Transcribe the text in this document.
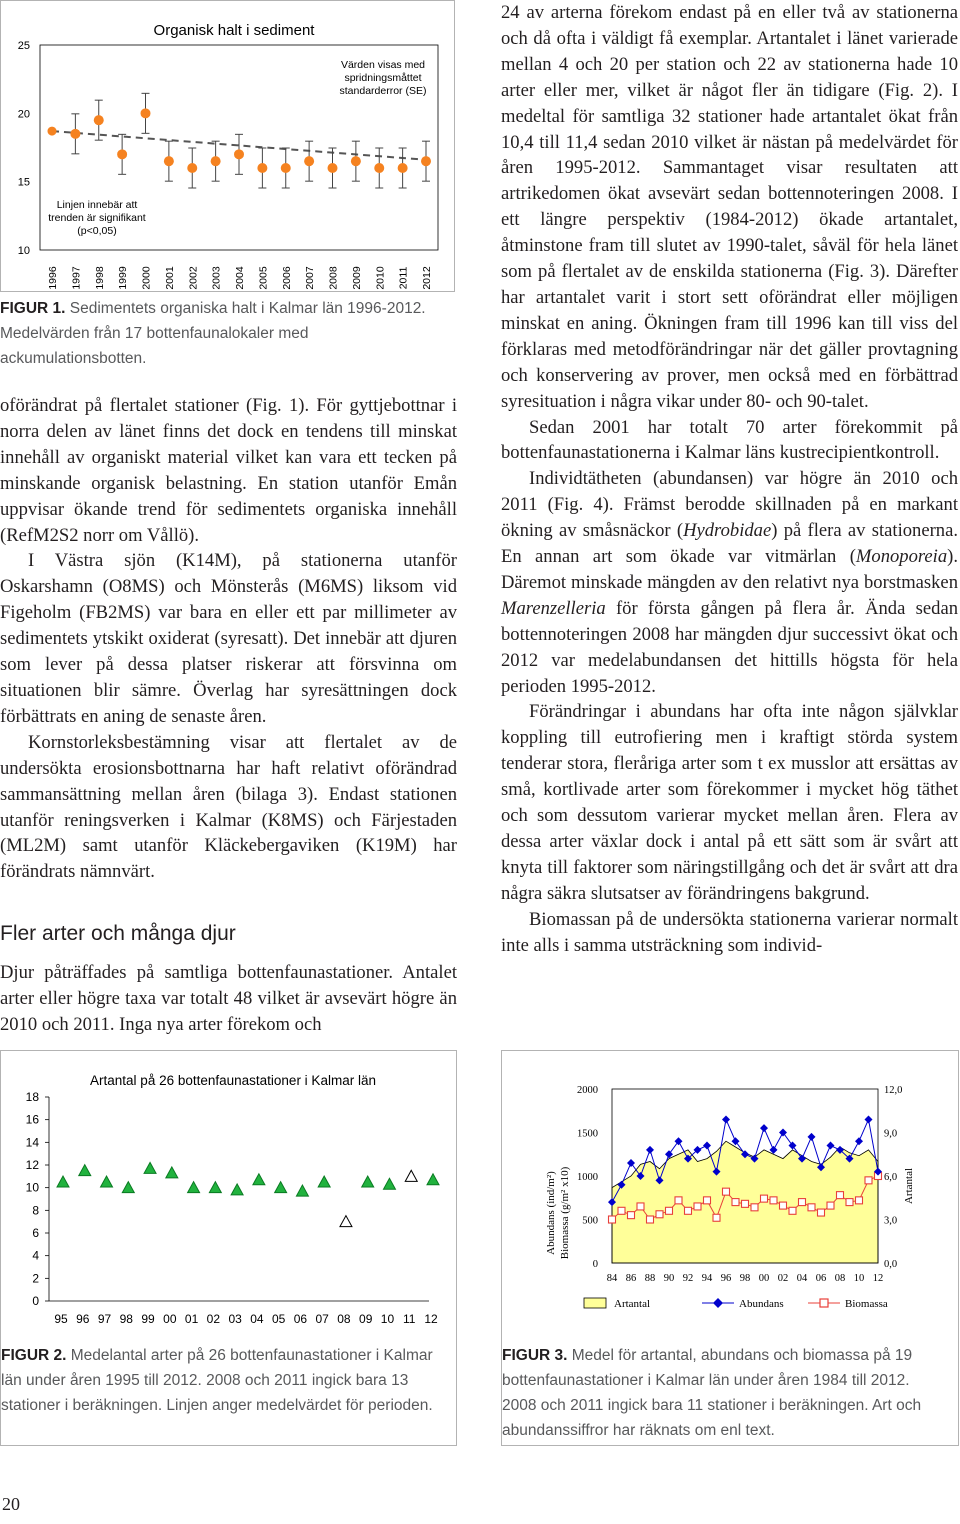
Organisk halt i sediment
Värden visas med
spridningsmåttet
standarderror (SE)
Linjen innebär att
trenden är signifikant
(p<0,05)
10
15
20
25
1996 1997 1998 1999 2000 2001 2002 2003 2004 2005 2006 2007 2008 2009 2010 2011 2012
FIGUR 1. Sedimentets organiska halt i Kalmar län 1996-2012. Medelvärden från 17 bottenfaunalokaler med ackumulationsbotten.

oförändrat på flertalet stationer (Fig. 1). För gyttjebottnar i norra delen av länet finns det dock en tendens till minskat innehåll av organiskt material vilket kan vara ett tecken på minskande organisk belastning. En station utanför Emån uppvisar ökande trend för sedimentets organiska innehåll (RefM2S2 norr om Vållö).

I Västra sjön (K14M), på stationerna utanför Oskarshamn (O8MS) och Mönsterås (M6MS) liksom vid Figeholm (FB2MS) var bara en eller ett par millimeter av sedimentets ytskikt oxiderat (syresatt). Det innebär att djuren som lever på dessa platser riskerar att försvinna om situationen blir sämre. Överlag har syresättningen dock förbättrats en aning de senaste åren.

Kornstorleksbestämning visar att flertalet av de undersökta erosionsbottnarna har haft relativt oförändrad sammansättning mellan åren (bilaga 3). Endast stationen utanför reningsverken i Kalmar (K8MS) och Färjestaden (ML2M) samt utanför Kläckebergaviken (K19M) har förändrats nämnvärt.

Fler arter och många djur

Djur påträffades på samtliga bottenfaunastationer. Antalet arter eller högre taxa var totalt 48 vilket är avsevärt högre än 2010 och 2011. Inga nya arter förekom och

24 av arterna förekom endast på en eller två av stationerna och då ofta i väldigt få exemplar. Artantalet i länet varierade mellan 4 och 20 per station och 22 av stationerna hade 10 arter eller mer, vilket är något fler än tidigare (Fig. 2). I medeltal för samtliga 32 stationer hade artantalet ökat från 10,4 till 11,4 sedan 2010 vilket är nästan på medelvärdet för åren 1995-2012. Sammantaget visar resultaten att artrikedomen ökat avsevärt sedan bottennoteringen 2008. I ett längre perspektiv (1984-2012) ökade artantalet, åtminstone fram till slutet av 1990-talet, såväl för hela länet som på flertalet av de enskilda stationerna (Fig. 3). Därefter har artantalet varit i stort sett oförändrat eller möjligen minskat en aning. Ökningen fram till 1996 kan till viss del förklaras med metodförändringar när det gäller provtagning och konservering av prover, men också med en förbättrad syresituation i några vikar under 80- och 90-talet.

Sedan 2001 har totalt 70 arter förekommit på bottenfaunastationerna i Kalmar läns kustrecipientkontroll.

Individtätheten (abundansen) var högre än 2010 och 2011 (Fig. 4). Främst berodde skillnaden på en markant ökning av småsnäckor (Hydrobidae) på flera av stationerna. En annan art som ökade var vitmärlan (Monoporeia). Däremot minskade mängden av den relativt nya borstmasken Marenzelleria för första gången på flera år. Ända sedan bottennoteringen 2008 har mängden djur successivt ökat och 2012 var medelabundansen det hittills högsta för hela perioden 1995-2012.

Förändringar i abundans har ofta inte någon självklar koppling till eutrofiering men i kraftigt störda system tenderar stora, fleråriga arter som t ex musslor att ersättas av små, kortlivade arter som förekommer i mycket hög täthet och som dessutom varierar mycket mellan åren. Flera av dessa arter växlar dock i antal på ett sätt som är svårt att knyta till faktorer som näringstillgång och det är svårt att dra några säkra slutsatser av förändringens bakgrund.

Biomassan på de undersökta stationerna varierar normalt inte alls i samma utsträckning som individ-

Artantal på 26 bottenfaunastationer i Kalmar län
0
2
4
6
8
10
12
14
16
18
95 96 97 98 99 00 01 02 03 04 05 06 07 08 09 10 11 12
FIGUR 2. Medelantal arter på 26 bottenfaunastationer i Kalmar län under åren 1995 till 2012. 2008 och 2011 ingick bara 13 stationer i beräkningen. Linjen anger medelvärdet för perioden.
Abundans (ind/m²) Biomassa (g/m² x10)	Artantal
0
500
1000
1500
2000
0,0
3,0
6,0
9,0
12,0
84 86 88 90 92 94 96 98 00 02 04 06 08 10 12
Artantal	Abundans	Biomassa
FIGUR 3. Medel för artantal, abundans och biomassa på 19 bottenfaunastationer i Kalmar län under åren 1984 till 2012. 2008 och 2011 ingick bara 11 stationer i beräkningen. Art och abundanssiffror har räknats om enl text.
20
